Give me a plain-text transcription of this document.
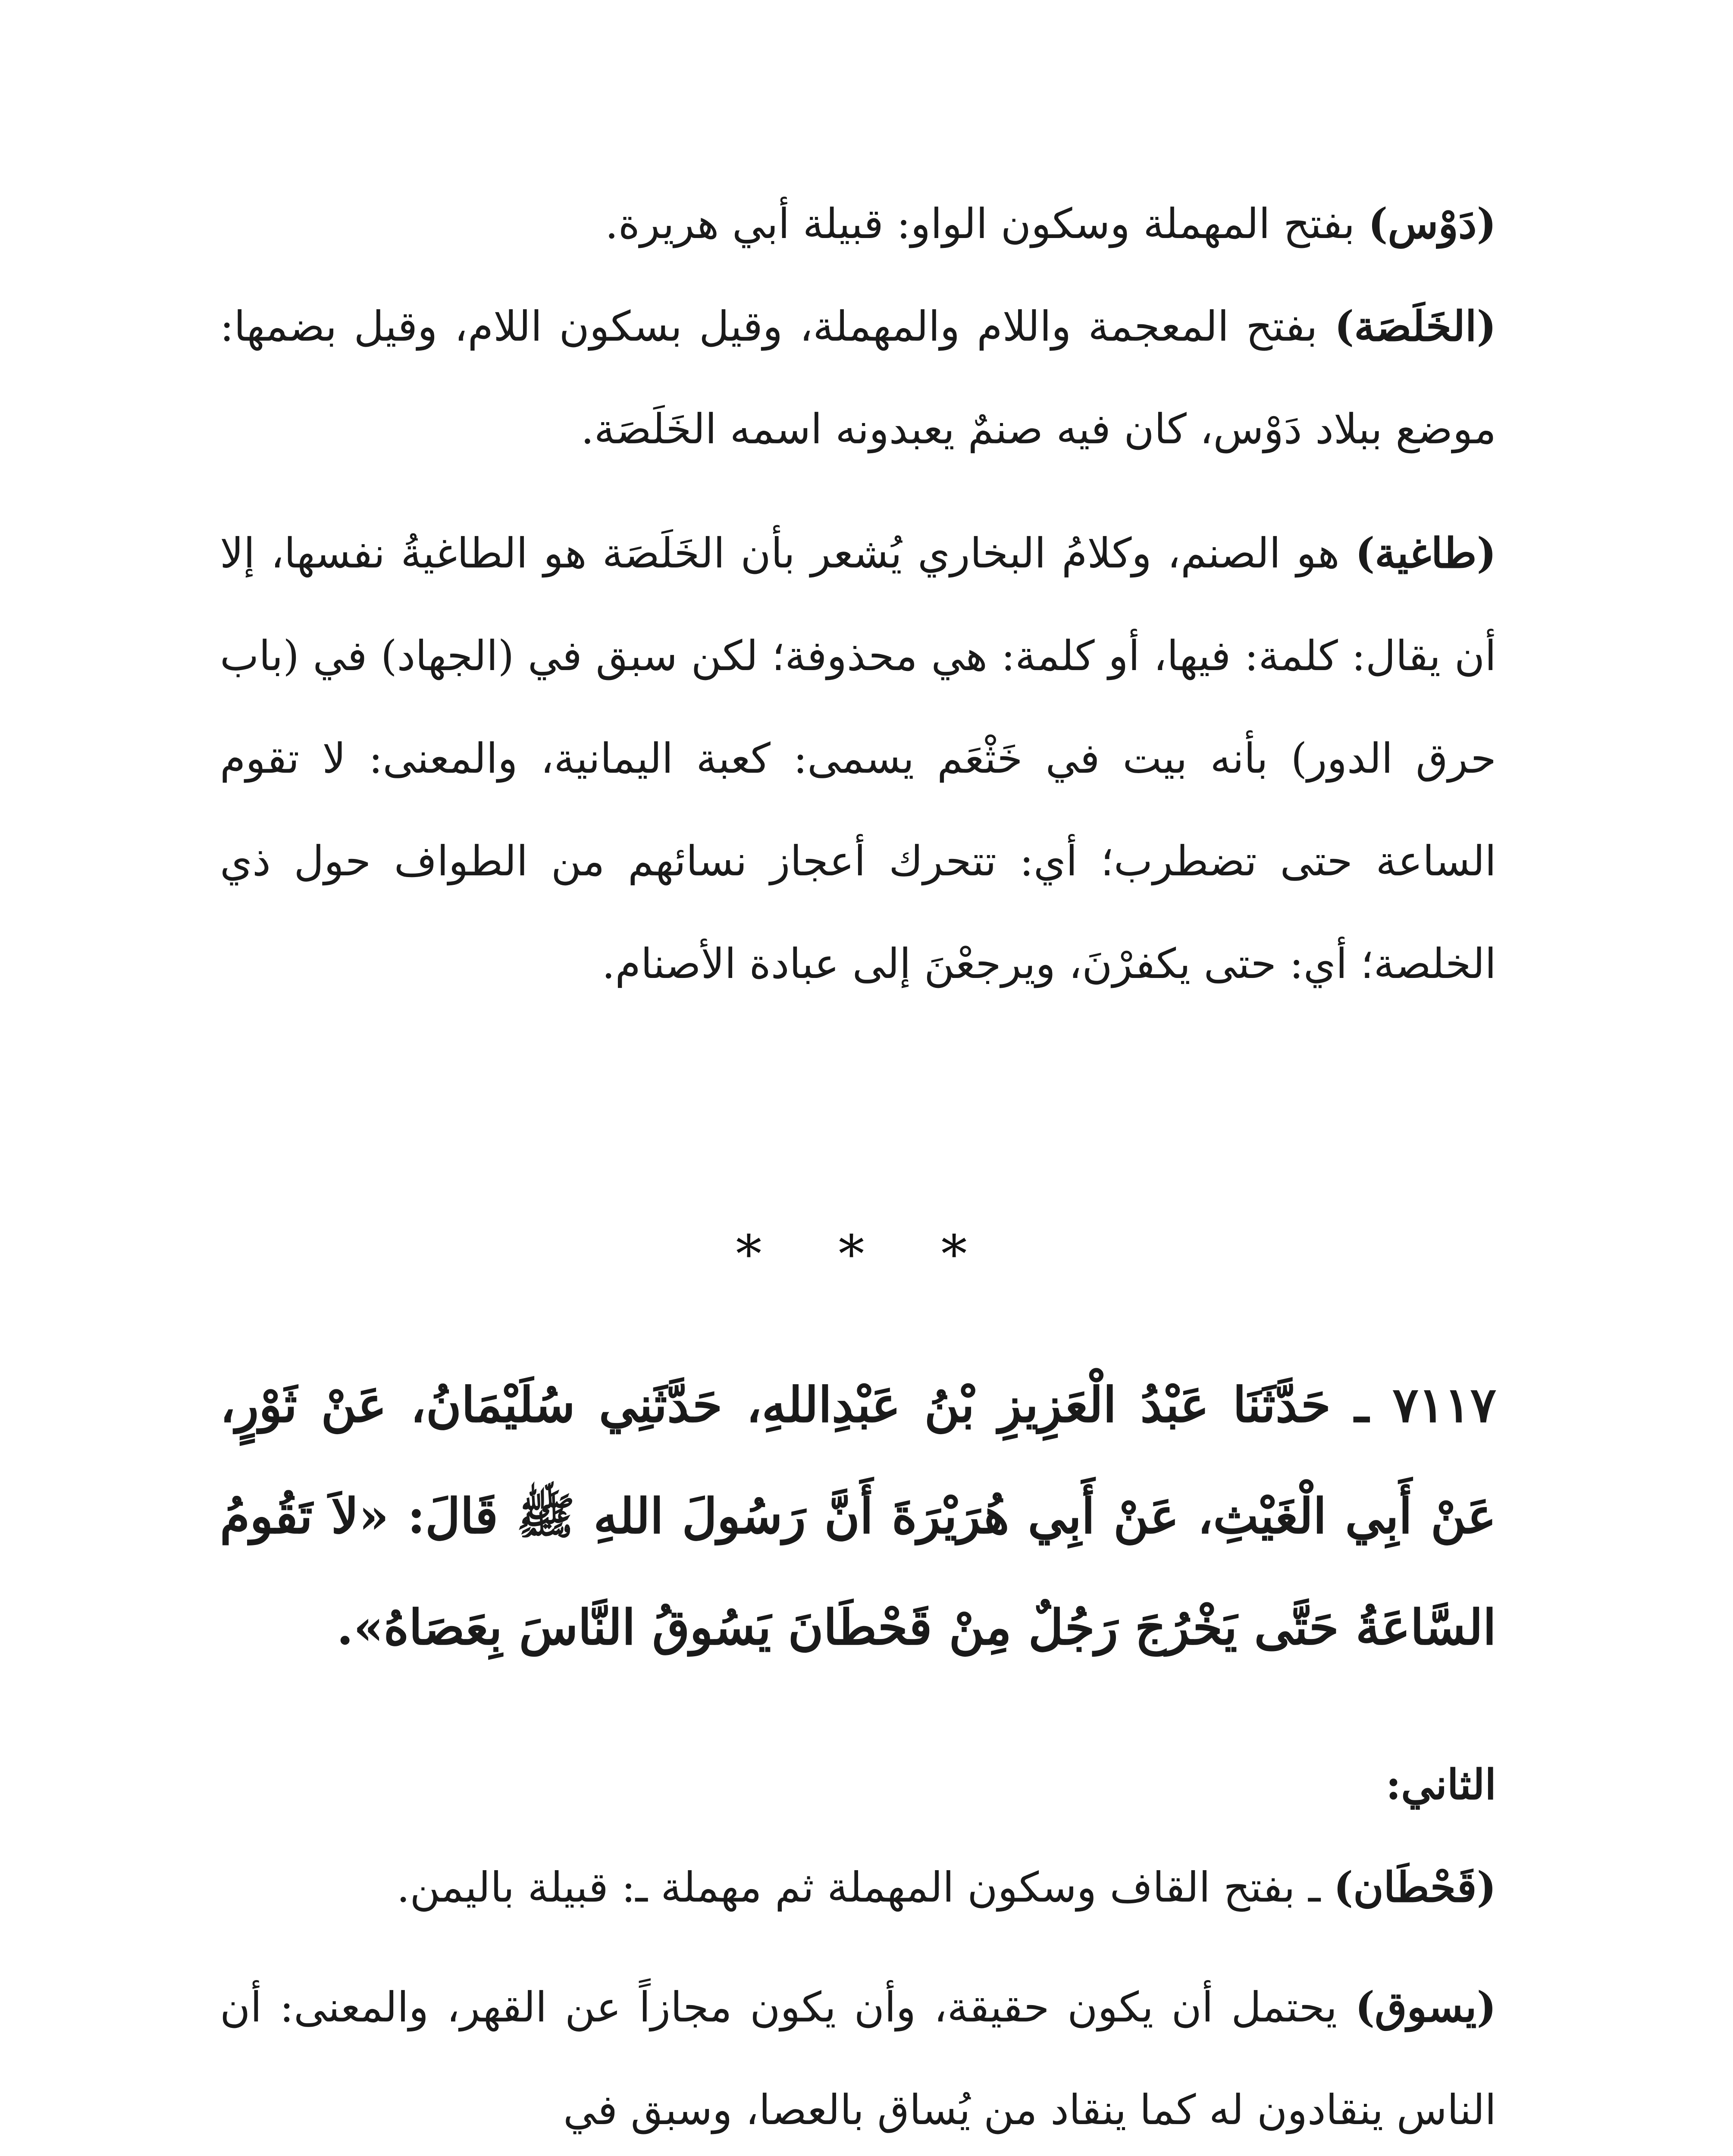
(دَوْس) بفتح المهملة وسكون الواو: قبيلة أبي هريرة.

(الخَلَصَة) بفتح المعجمة واللام والمهملة، وقيل بسكون اللام، وقيل بضمها: موضع ببلاد دَوْس، كان فيه صنمٌ يعبدونه اسمه الخَلَصَة.

(طاغية) هو الصنم، وكلامُ البخاري يُشعر بأن الخَلَصَة هو الطاغيةُ نفسها، إلا أن يقال: كلمة: فيها، أو كلمة: هي محذوفة؛ لكن سبق في (الجهاد) في (باب حرق الدور) بأنه بيت في خَثْعَم يسمى: كعبة اليمانية، والمعنى: لا تقوم الساعة حتى تضطرب؛ أي: تتحرك أعجاز نسائهم من الطواف حول ذي الخلصة؛ أي: حتى يكفرْنَ، ويرجعْنَ إلى عبادة الأصنام.

* * *

٧١١٧ ـ حَدَّثَنَا عَبْدُ الْعَزِيزِ بْنُ عَبْدِاللهِ، حَدَّثَنِي سُلَيْمَانُ، عَنْ ثَوْرٍ، عَنْ أَبِي الْغَيْثِ، عَنْ أَبِي هُرَيْرَةَ أَنَّ رَسُولَ اللهِ ﷺ قَالَ: «لاَ تَقُومُ السَّاعَةُ حَتَّى يَخْرُجَ رَجُلٌ مِنْ قَحْطَانَ يَسُوقُ النَّاسَ بِعَصَاهُ».

الثاني:

(قَحْطَان) ـ بفتح القاف وسكون المهملة ثم مهملة ـ: قبيلة باليمن.

(يسوق) يحتمل أن يكون حقيقة، وأن يكون مجازاً عن القهر، والمعنى: أن الناس ينقادون له كما ينقاد من يُساق بالعصا، وسبق في
